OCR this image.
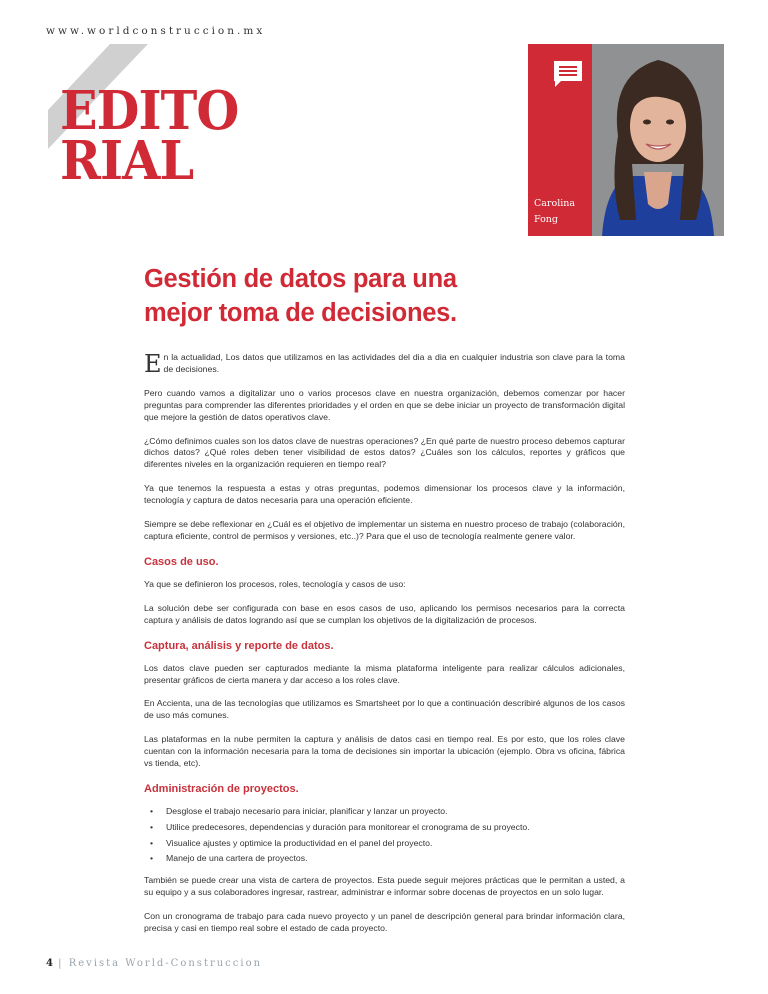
www.worldconstruccion.mx
EDITO
RIAL
Carolina
Fong
Gestión de datos para una
mejor toma de decisiones.

En la actualidad, Los datos que utilizamos en las actividades del dia a dia en cualquier industria son clave para la toma de decisiones.

Pero cuando vamos a digitalizar uno o varios procesos clave en nuestra organización, debemos comenzar por hacer preguntas para comprender las diferentes prioridades y el orden en que se debe iniciar un proyecto de transformación digital que mejore la gestión de datos operativos clave.

¿Cómo definimos cuales son los datos clave de nuestras operaciones? ¿En qué parte de nuestro proceso debemos capturar dichos datos? ¿Qué roles deben tener visibilidad de estos datos? ¿Cuáles son los cálculos, reportes y gráficos que diferentes niveles en la organización requieren en tiempo real?

Ya que tenemos la respuesta a estas y otras preguntas, podemos dimensionar los procesos clave y la información, tecnología y captura de datos necesaria para una operación eficiente.

Siempre se debe reflexionar en ¿Cuál es el objetivo de implementar un sistema en nuestro proceso de trabajo (colaboración, captura eficiente, control de permisos y versiones, etc..)? Para que el uso de tecnología realmente genere valor.

Casos de uso.

Ya que se definieron los procesos, roles, tecnología y casos de uso:

La solución debe ser configurada con base en esos casos de uso, aplicando los permisos necesarios para la correcta captura y análisis de datos logrando así que se cumplan los objetivos de la digitalización de procesos.

Captura, análisis y reporte de datos.

Los datos clave pueden ser capturados mediante la misma plataforma inteligente para realizar cálculos adicionales, presentar gráficos de cierta manera y dar acceso a los roles clave.

En Accienta, una de las tecnologías que utilizamos es Smartsheet por lo que a continuación describiré algunos de los casos de uso más comunes.

Las plataformas en la nube permiten la captura y análisis de datos casi en tiempo real. Es por esto, que los roles clave cuentan con la información necesaria para la toma de decisiones sin importar la ubicación (ejemplo. Obra vs oficina, fábrica vs tienda, etc).

Administración de proyectos.
• Desglose el trabajo necesario para iniciar, planificar y lanzar un proyecto.
• Utilice predecesores, dependencias y duración para monitorear el cronograma de su proyecto.
• Visualice ajustes y optimice la productividad en el panel del proyecto.
• Manejo de una cartera de proyectos.

También se puede crear una vista de cartera de proyectos. Esta puede seguir mejores prácticas que le permitan a usted, a su equipo y a sus colaboradores ingresar, rastrear, administrar e informar sobre docenas de proyectos en un solo lugar.

Con un cronograma de trabajo para cada nuevo proyecto y un panel de descripción general para brindar información clara, precisa y casi en tiempo real sobre el estado de cada proyecto.

4 | Revista World-Construccion
